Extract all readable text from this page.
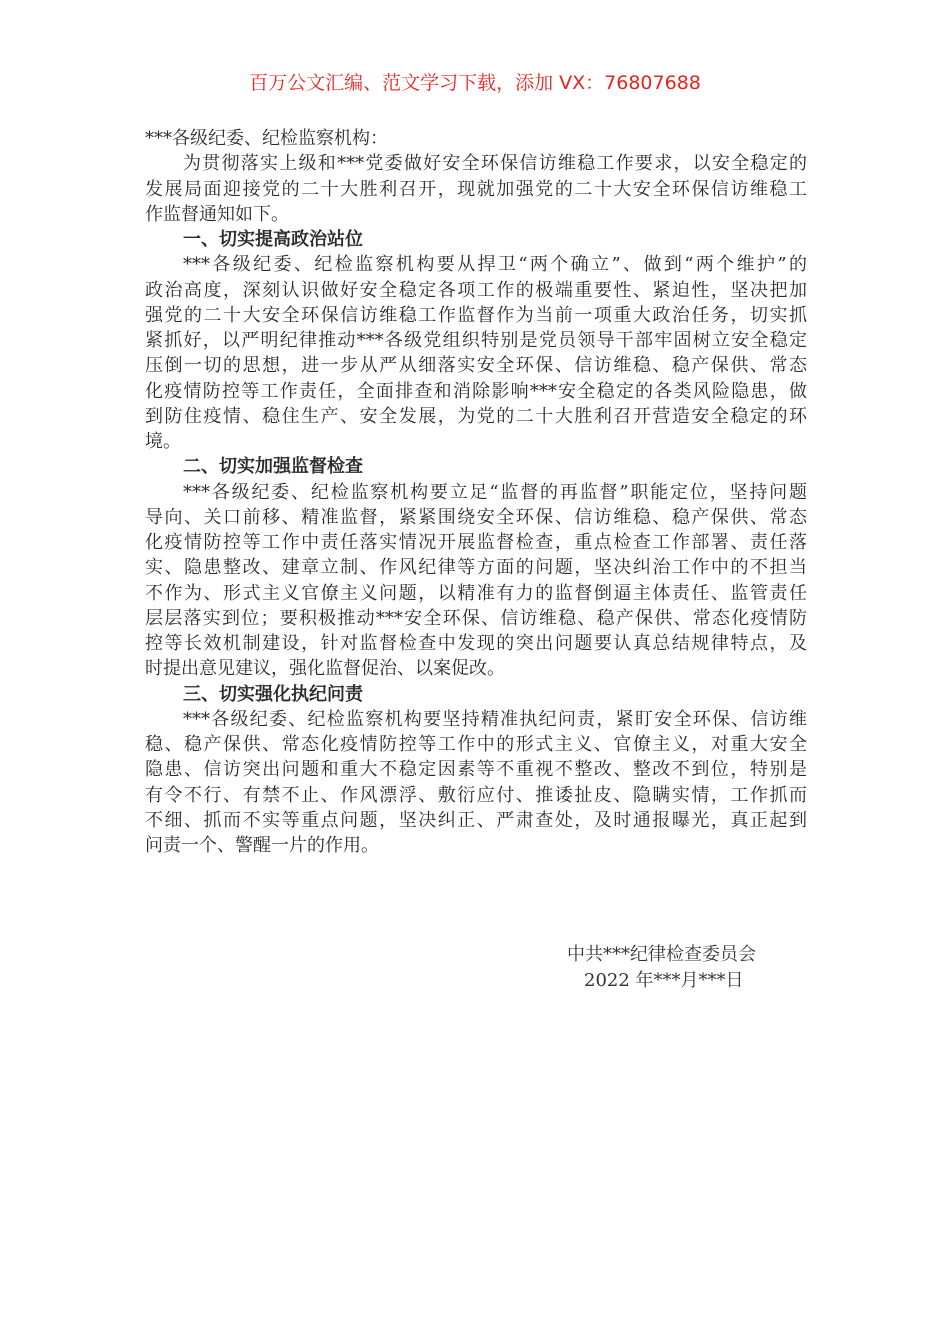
百万公文汇编、范文学习下载，添加 VX：76807688
***各级纪委、纪检监察机构：
为贯彻落实上级和***党委做好安全环保信访维稳工作要求，以安全稳定的
发展局面迎接党的二十大胜利召开，现就加强党的二十大安全环保信访维稳工
作监督通知如下。
一、切实提高政治站位
***各级纪委、纪检监察机构要从捍卫“两个确立”、做到“两个维护”的
政治高度，深刻认识做好安全稳定各项工作的极端重要性、紧迫性，坚决把加
强党的二十大安全环保信访维稳工作监督作为当前一项重大政治任务，切实抓
紧抓好，以严明纪律推动***各级党组织特别是党员领导干部牢固树立安全稳定
压倒一切的思想，进一步从严从细落实安全环保、信访维稳、稳产保供、常态
化疫情防控等工作责任，全面排查和消除影响***安全稳定的各类风险隐患，做
到防住疫情、稳住生产、安全发展，为党的二十大胜利召开营造安全稳定的环
境。
二、切实加强监督检查
***各级纪委、纪检监察机构要立足“监督的再监督”职能定位，坚持问题
导向、关口前移、精准监督，紧紧围绕安全环保、信访维稳、稳产保供、常态
化疫情防控等工作中责任落实情况开展监督检查，重点检查工作部署、责任落
实、隐患整改、建章立制、作风纪律等方面的问题，坚决纠治工作中的不担当
不作为、形式主义官僚主义问题，以精准有力的监督倒逼主体责任、监管责任
层层落实到位；要积极推动***安全环保、信访维稳、稳产保供、常态化疫情防
控等长效机制建设，针对监督检查中发现的突出问题要认真总结规律特点，及
时提出意见建议，强化监督促治、以案促改。
三、切实强化执纪问责
***各级纪委、纪检监察机构要坚持精准执纪问责，紧盯安全环保、信访维
稳、稳产保供、常态化疫情防控等工作中的形式主义、官僚主义，对重大安全
隐患、信访突出问题和重大不稳定因素等不重视不整改、整改不到位，特别是
有令不行、有禁不止、作风漂浮、敷衍应付、推诿扯皮、隐瞒实情，工作抓而
不细、抓而不实等重点问题，坚决纠正、严肃查处，及时通报曝光，真正起到
问责一个、警醒一片的作用。
中共***纪律检查委员会
2022 年***月***日
